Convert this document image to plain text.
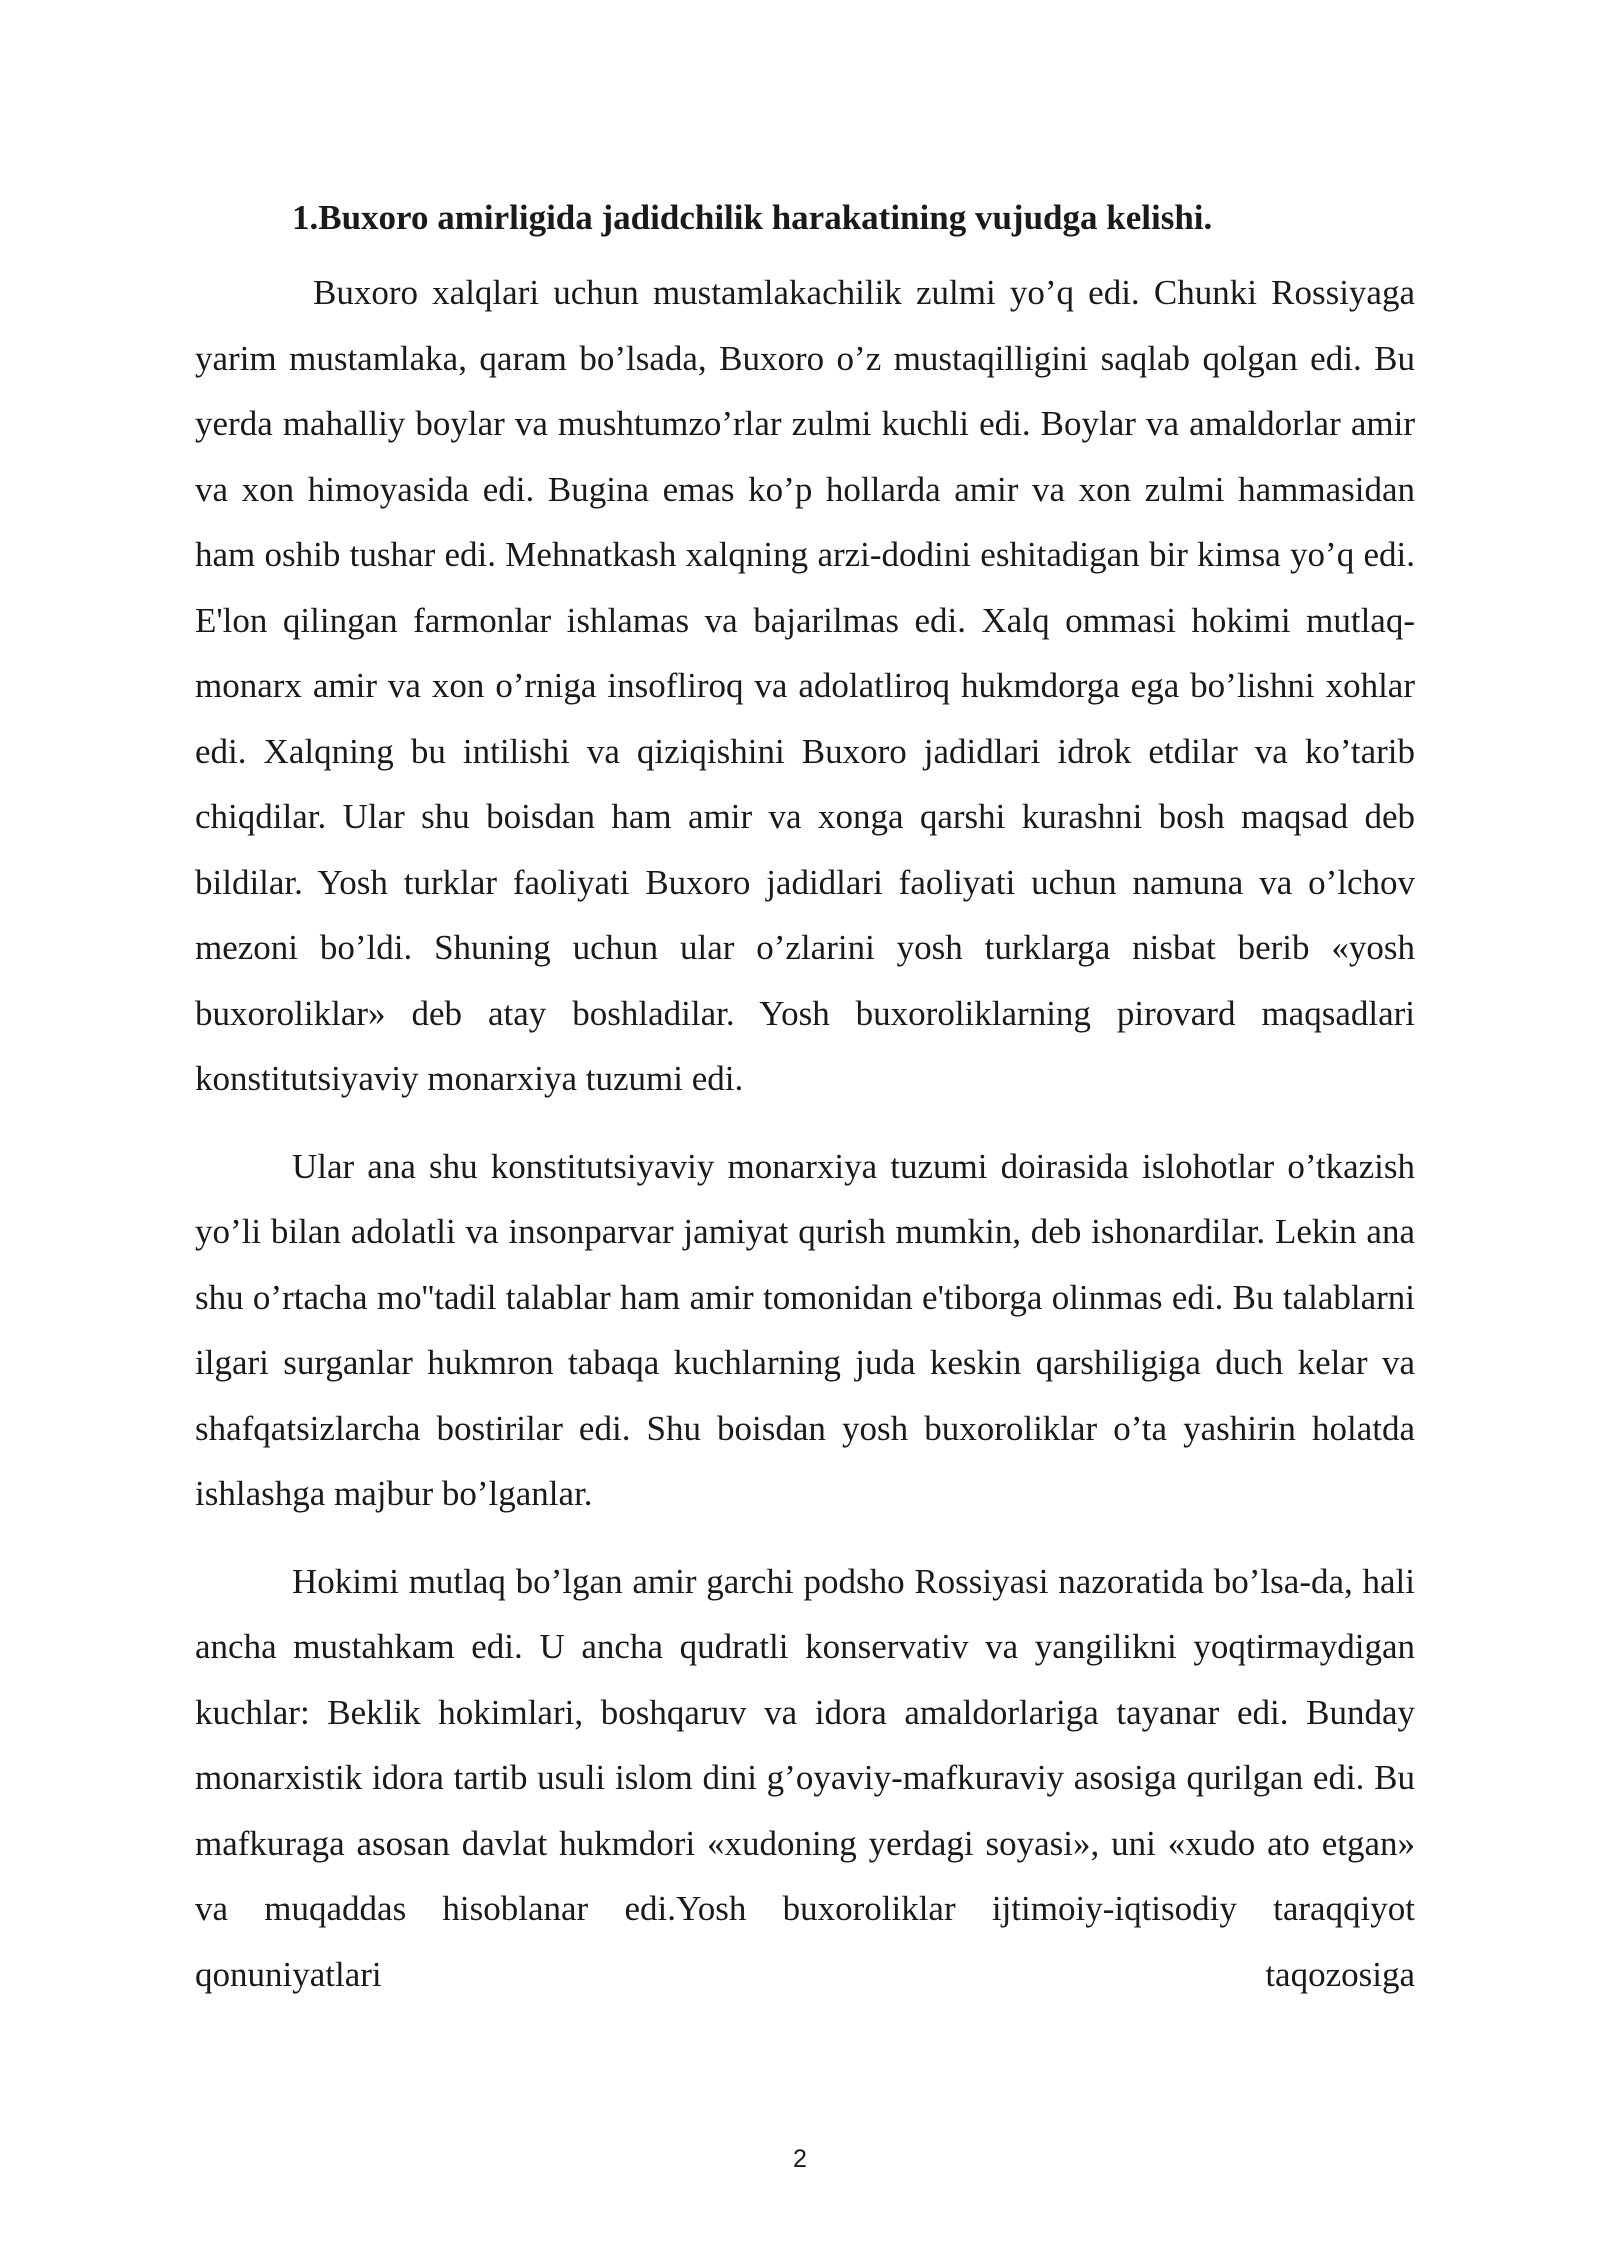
1.Buxoro amirligida jadidchilik harakatining vujudga kelishi.

Buxoro xalqlari uchun mustamlakachilik zulmi yo’q edi. Chunki Rossiyaga yarim mustamlaka, qaram bo’lsada, Buxoro o’z mustaqilligini saqlab qolgan edi. Bu yerda mahalliy boylar va mushtumzo’rlar zulmi kuchli edi. Boylar va amaldorlar amir va xon himoyasida edi. Bugina emas ko’p hollarda amir va xon zulmi hammasidan ham oshib tushar edi. Mehnatkash xalqning arzi-dodini eshitadigan bir kimsa yo’q edi. E'lon qilingan farmonlar ishlamas va bajarilmas edi. Xalq ommasi hokimi mutlaq-monarx amir va xon o’rniga insofliroq va adolatliroq hukmdorga ega bo’lishni xohlar edi. Xalqning bu intilishi va qiziqishini Buxoro jadidlari idrok etdilar va ko’tarib chiqdilar. Ular shu boisdan ham amir va xonga qarshi kurashni bosh maqsad deb bildilar. Yosh turklar faoliyati Buxoro jadidlari faoliyati uchun namuna va o’lchov mezoni bo’ldi. Shuning uchun ular o’zlarini yosh turklarga nisbat berib «yosh buxoroliklar» deb atay boshladilar. Yosh buxoroliklarning pirovard maqsadlari konstitutsiyaviy monarxiya tuzumi edi.

Ular ana shu konstitutsiyaviy monarxiya tuzumi doirasida islohotlar o’tkazish yo’li bilan adolatli va insonparvar jamiyat qurish mumkin, deb ishonardilar. Lekin ana shu o’rtacha mo''tadil talablar ham amir tomonidan e'tiborga olinmas edi. Bu talablarni ilgari surganlar hukmron tabaqa kuchlarning juda keskin qarshiligiga duch kelar va shafqatsizlarcha bostirilar edi. Shu boisdan yosh buxoroliklar o’ta yashirin holatda ishlashga majbur bo’lganlar.

Hokimi mutlaq bo’lgan amir garchi podsho Rossiyasi nazoratida bo’lsa-da, hali ancha mustahkam edi. U ancha qudratli konservativ va yangilikni yoqtirmaydigan kuchlar: Beklik hokimlari, boshqaruv va idora amaldorlariga tayanar edi. Bunday monarxistik idora tartib usuli islom dini g’oyaviy-mafkuraviy asosiga qurilgan edi. Bu mafkuraga asosan davlat hukmdori «xudoning yerdagi soyasi», uni «xudo ato etgan» va muqaddas hisoblanar edi.Yosh buxoroliklar ijtimoiy-iqtisodiy taraqqiyot qonuniyatlari taqozosiga

2
